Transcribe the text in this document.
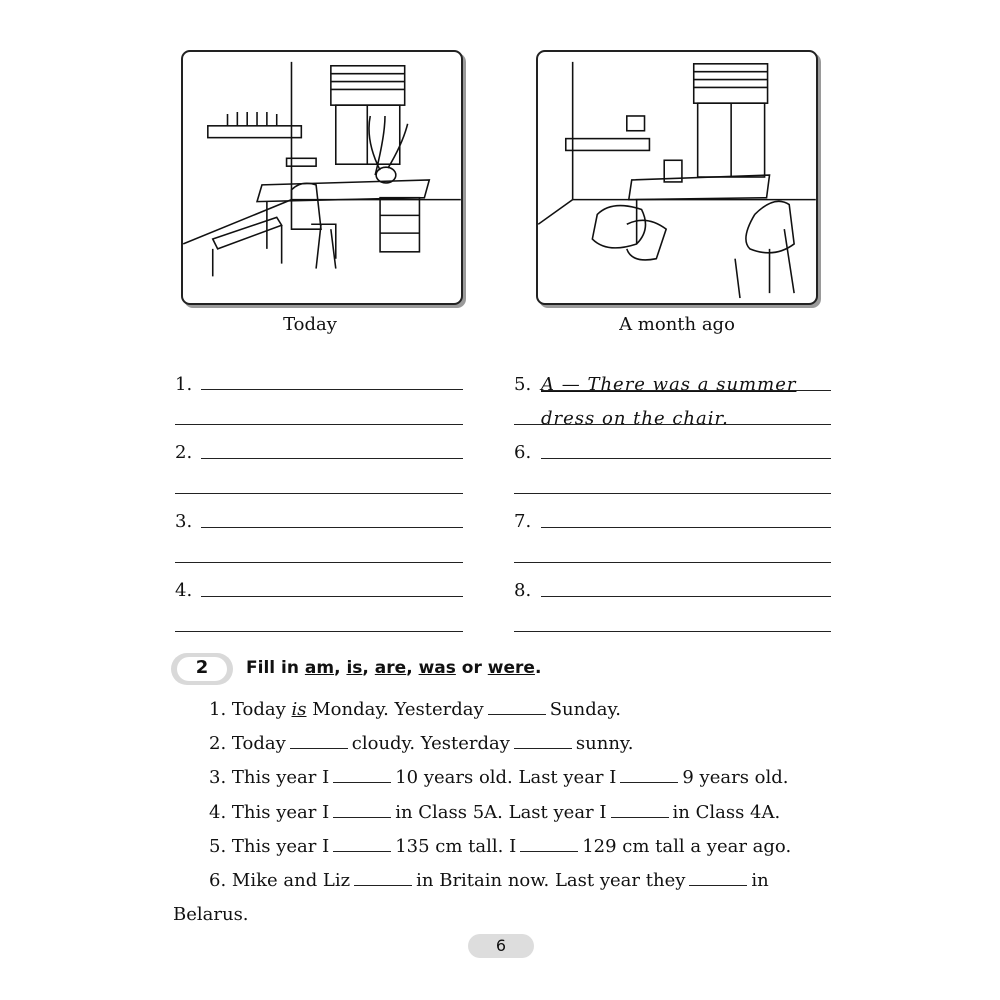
Today	A month ago
1.
2.
3.
4.
5. A — There was a summer
dress on the chair.
6.
7.
8.
2	Fill in am, is, are, was or were.
1. Today is Monday. Yesterday	Sunday.
2. Today	cloudy. Yesterday	sunny.
3. This year I	10 years old. Last year I	9 years old.
4. This year I	in Class 5A. Last year I	in Class 4A.
5. This year I	135 cm tall. I	129 cm tall a year ago.
6. Mike and Liz	in Britain now. Last year they	in
Belarus.
6
